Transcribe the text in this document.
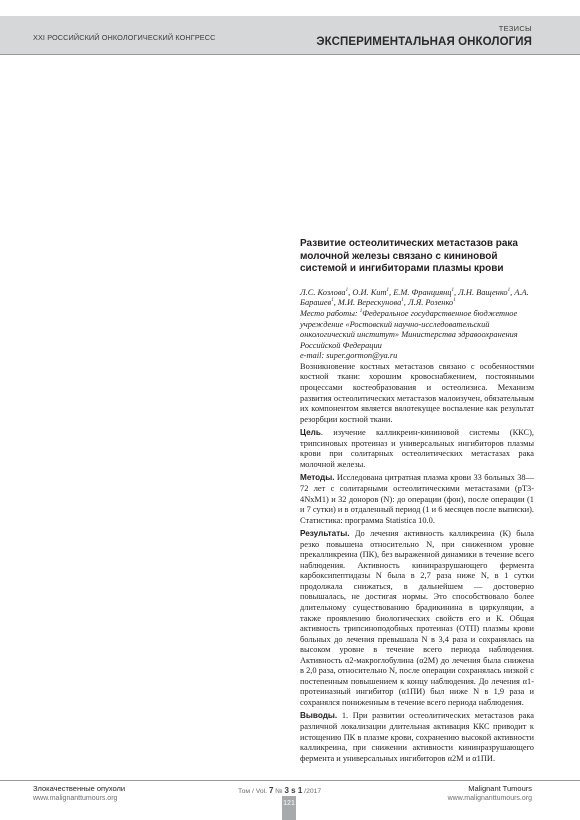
XXI РОССИЙСКИЙ ОНКОЛОГИЧЕСКИЙ КОНГРЕСС
ТЕЗИСЫ
ЭКСПЕРИМЕНТАЛЬНАЯ ОНКОЛОГИЯ
Развитие остеолитических метастазов рака молочной железы связано с кининовой системой и ингибиторами плазмы крови

Л.С. Козлова$^1$, О.И. Кит$^1$, Е.М. Франциянц$^1$, Л.Н. Ващенко$^1$, А.А. Барашев$^1$, М.И. Верескунова$^1$, Л.Я. Розенко$^1$

Место работы: $^1$Федеральное государственное бюджетное учреждение «Ростовский научно-исследовательский онкологический институт» Министерства здравоохранения Российской Федерации

e-mail: super.gormon@ya.ru

Возникновение костных метастазов связано с особенностями костной ткани: хорошим кровоснабжением, постоянными процессами костеобразования и остеолизиса. Механизм развития остеолитических метастазов малоизучен, обязательным их компонентом является вялотекущее воспаление как результат резорбции костной ткани.

Цель. изучение калликреин-кининовой системы (ККС), трипсиновых протеиназ и универсальных ингибиторов плазмы крови при солитарных остеолитических метастазах рака молочной железы.

Методы. Исследована цитратная плазма крови 33 больных 38—72 лет с солитарными остеолитическими метастазами (pT3-4NxM1) и 32 доноров (N): до операции (фон), после операции (1 и 7 сутки) и в отдаленный период (1 и 6 месяцев после выписки). Статистика: программа Statistica 10.0.

Результаты. До лечения активность калликреина (К) была резко повышена относительно N, при сниженном уровне прекалликреина (ПК), без выраженной динамики в течение всего наблюдения. Активность кининразрушающего фермента карбоксипептидазы N была в 2,7 раза ниже N, в 1 сутки продолжала снижаться, в дальнейшем — достоверно повышалась, не достигая нормы. Это способствовало более длительному существованию брадикинина в циркуляции, а также проявлению биологических свойств его и К. Общая активность трипсиноподобных протеиназ (ОТП) плазмы крови больных до лечения превышала N в 3,4 раза и сохранялась на высоком уровне в течение всего периода наблюдения. Активность α2-макроглобулина (α2М) до лечения была снижена в 2,0 раза, относительно N, после операции сохранялась низкой с постепенным повышением к концу наблюдения. До лечения α1-протеиназный ингибитор (α1ПИ) был ниже N в 1,9 раза и сохранялся пониженным в течение всего периода наблюдения.

Выводы. 1. При развитии остеолитических метастазов рака различной локализации длительная активация ККС приводит к истощению ПК в плазме крови, сохранению высокой активности калликреина, при снижении активности кининразрушающего фермента и универсальных ингибиторов α2М и α1ПИ.

Злокачественные опухоли
www.malignanttumours.org
Том / Vol. 7 № 3 s 1 /2017
121
Malignant Tumours
www.malignanttumours.org
